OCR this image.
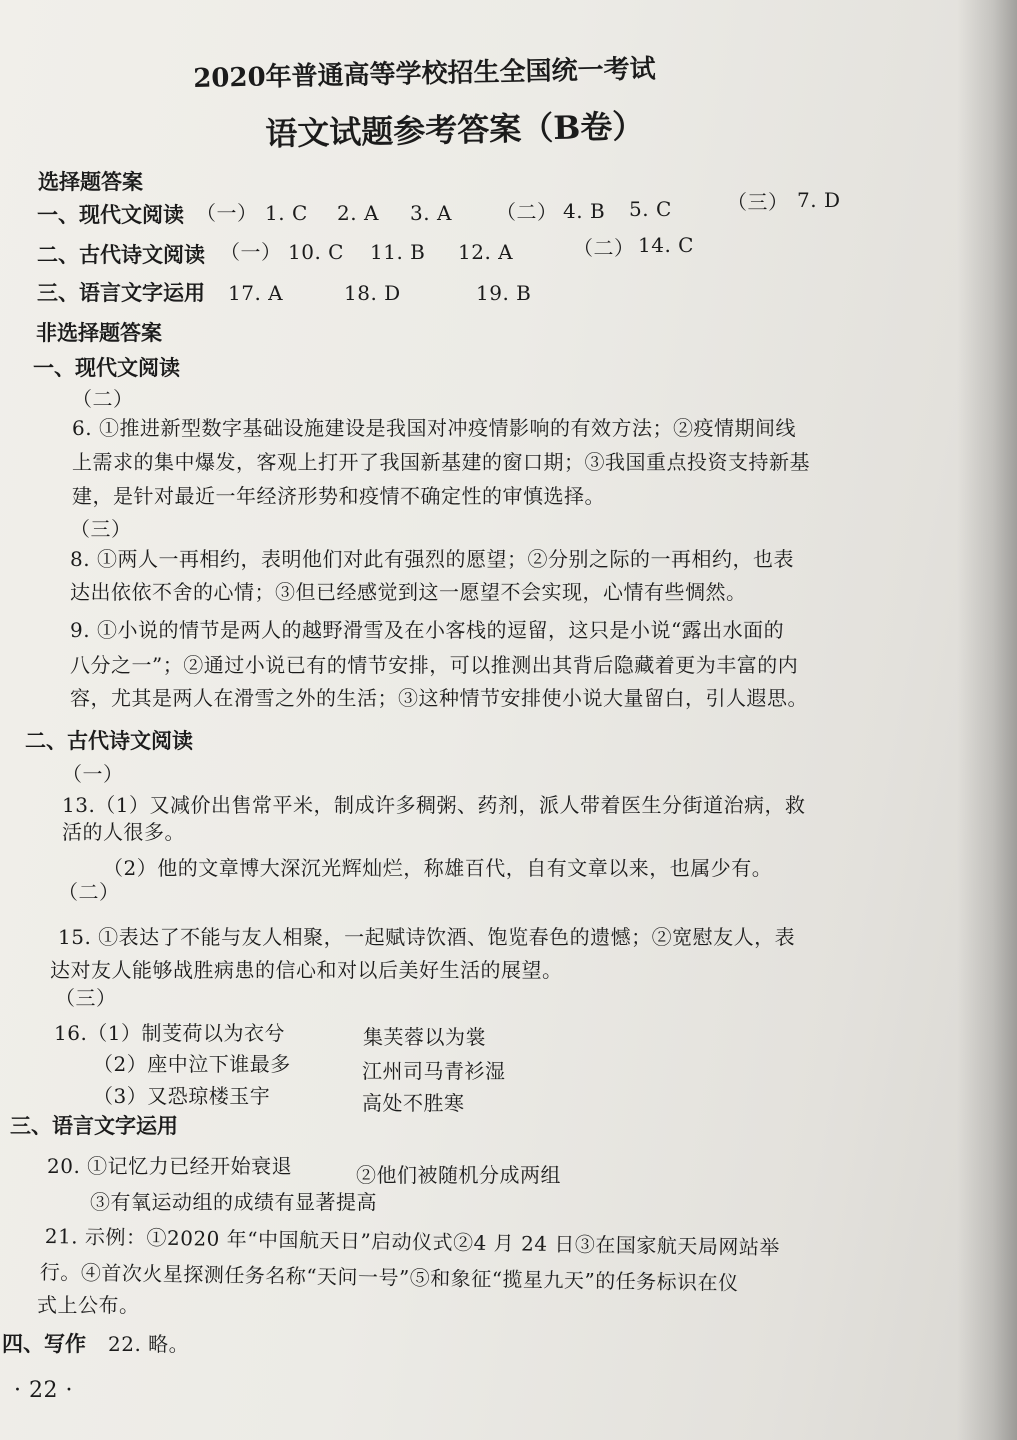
2020年普通高等学校招生全国统一考试
语文试题参考答案（B卷）
选择题答案
一、现代文阅读 （一） 1. C 2. A 3. A （二） 4. B 5. C	（三） 7. D
二、古代诗文阅读 （一） 10. C 11. B 12. A	（二） 14. C
三、语言文字运用 17. A	18. D	19. B
非选择题答案
一、现代文阅读
（二）
6. ①推进新型数字基础设施建设是我国对冲疫情影响的有效方法；②疫情期间线
上需求的集中爆发，客观上打开了我国新基建的窗口期；③我国重点投资支持新基
建，是针对最近一年经济形势和疫情不确定性的审慎选择。
（三）
8. ①两人一再相约，表明他们对此有强烈的愿望；②分别之际的一再相约，也表
达出依依不舍的心情；③但已经感觉到这一愿望不会实现，心情有些惆然。
9. ①小说的情节是两人的越野滑雪及在小客栈的逗留，这只是小说“露出水面的
八分之一”；②通过小说已有的情节安排，可以推测出其背后隐藏着更为丰富的内
容，尤其是两人在滑雪之外的生活；③这种情节安排使小说大量留白，引人遐思。
二、古代诗文阅读
（一）
13.（1）又减价出售常平米，制成许多稠粥、药剂，派人带着医生分街道治病，救
活的人很多。
（2）他的文章博大深沉光辉灿烂，称雄百代，自有文章以来，也属少有。
（二）
15. ①表达了不能与友人相聚，一起赋诗饮酒、饱览春色的遗憾；②宽慰友人，表
达对友人能够战胜病患的信心和对以后美好生活的展望。
（三）
16.（1）制芰荷以为衣兮	集芙蓉以为裳
（2）座中泣下谁最多	江州司马青衫湿
（3）又恐琼楼玉宇	高处不胜寒
三、语言文字运用
20. ①记忆力已经开始衰退	②他们被随机分成两组
③有氧运动组的成绩有显著提高
21. 示例：①2020 年“中国航天日”启动仪式②4 月 24 日③在国家航天局网站举
行。④首次火星探测任务名称“天问一号”⑤和象征“揽星九天”的任务标识在仪
式上公布。
四、写作 22. 略。
· 22 ·
